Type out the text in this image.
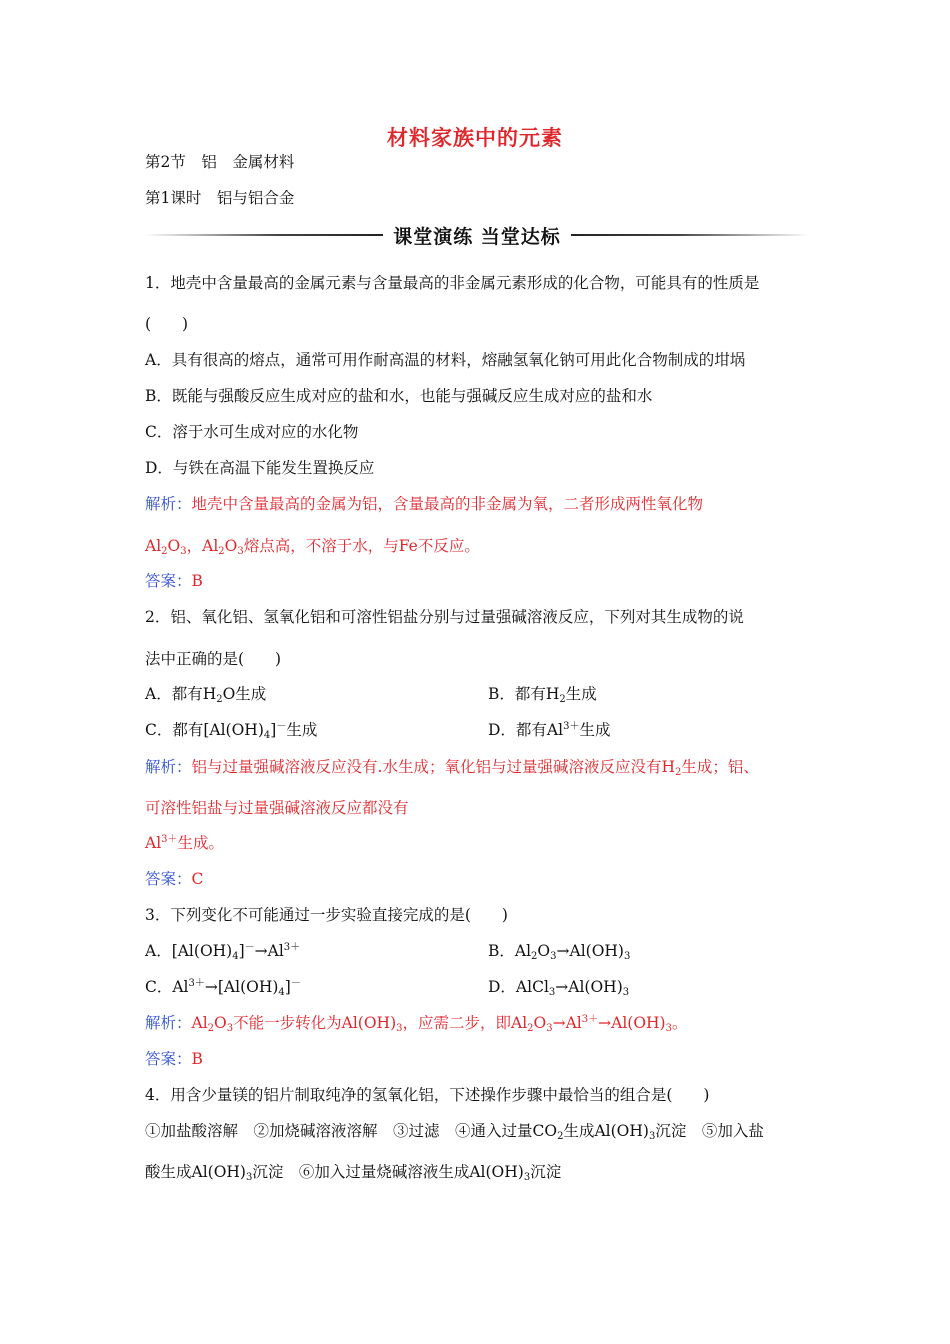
材料家族中的元素
第2节　铝　金属材料
第1课时　铝与铝合金
课堂演练 当堂达标
1．地壳中含量最高的金属元素与含量最高的非金属元素形成的化合物，可能具有的性质是
(　　)
A．具有很高的熔点，通常可用作耐高温的材料，熔融氢氧化钠可用此化合物制成的坩埚
B．既能与强酸反应生成对应的盐和水，也能与强碱反应生成对应的盐和水
C．溶于水可生成对应的水化物
D．与铁在高温下能发生置换反应
解析：地壳中含量最高的金属为铝，含量最高的非金属为氧，二者形成两性氧化物
$Al_2O_3$，$Al_2O_3$熔点高，不溶于水，与Fe不反应。
答案：B
2．铝、氧化铝、氢氧化铝和可溶性铝盐分别与过量强碱溶液反应，下列对其生成物的说
法中正确的是(　　)
A．都有$H_2O$生成	B．都有$H_2$生成
C．都有$[Al(OH)_4]^-$生成	D．都有$Al^{3+}$生成
解析：铝与过量强碱溶液反应没有.水生成；氧化铝与过量强碱溶液反应没有$H_2$生成；铝、
可溶性铝盐与过量强碱溶液反应都没有
$Al^{3+}$生成。
答案：C
3．下列变化不可能通过一步实验直接完成的是(　　)
A．$[Al(OH)_4]^-\to Al^{3+}$	B．$Al_2O_3\to Al(OH)_3$
C．$Al^{3+}\to[Al(OH)_4]^-$	D．$AlCl_3\to Al(OH)_3$
解析：$Al_2O_3$不能一步转化为$Al(OH)_3$，应需二步，即$Al_2O_3\to Al^{3+}\to Al(OH)_3$。
答案：B
4．用含少量镁的铝片制取纯净的氢氧化铝，下述操作步骤中最恰当的组合是(　　)
①加盐酸溶解　②加烧碱溶液溶解　③过滤　④通入过量$CO_2$生成$Al(OH)_3$沉淀　⑤加入盐
酸生成$Al(OH)_3$沉淀　⑥加入过量烧碱溶液生成$Al(OH)_3$沉淀
